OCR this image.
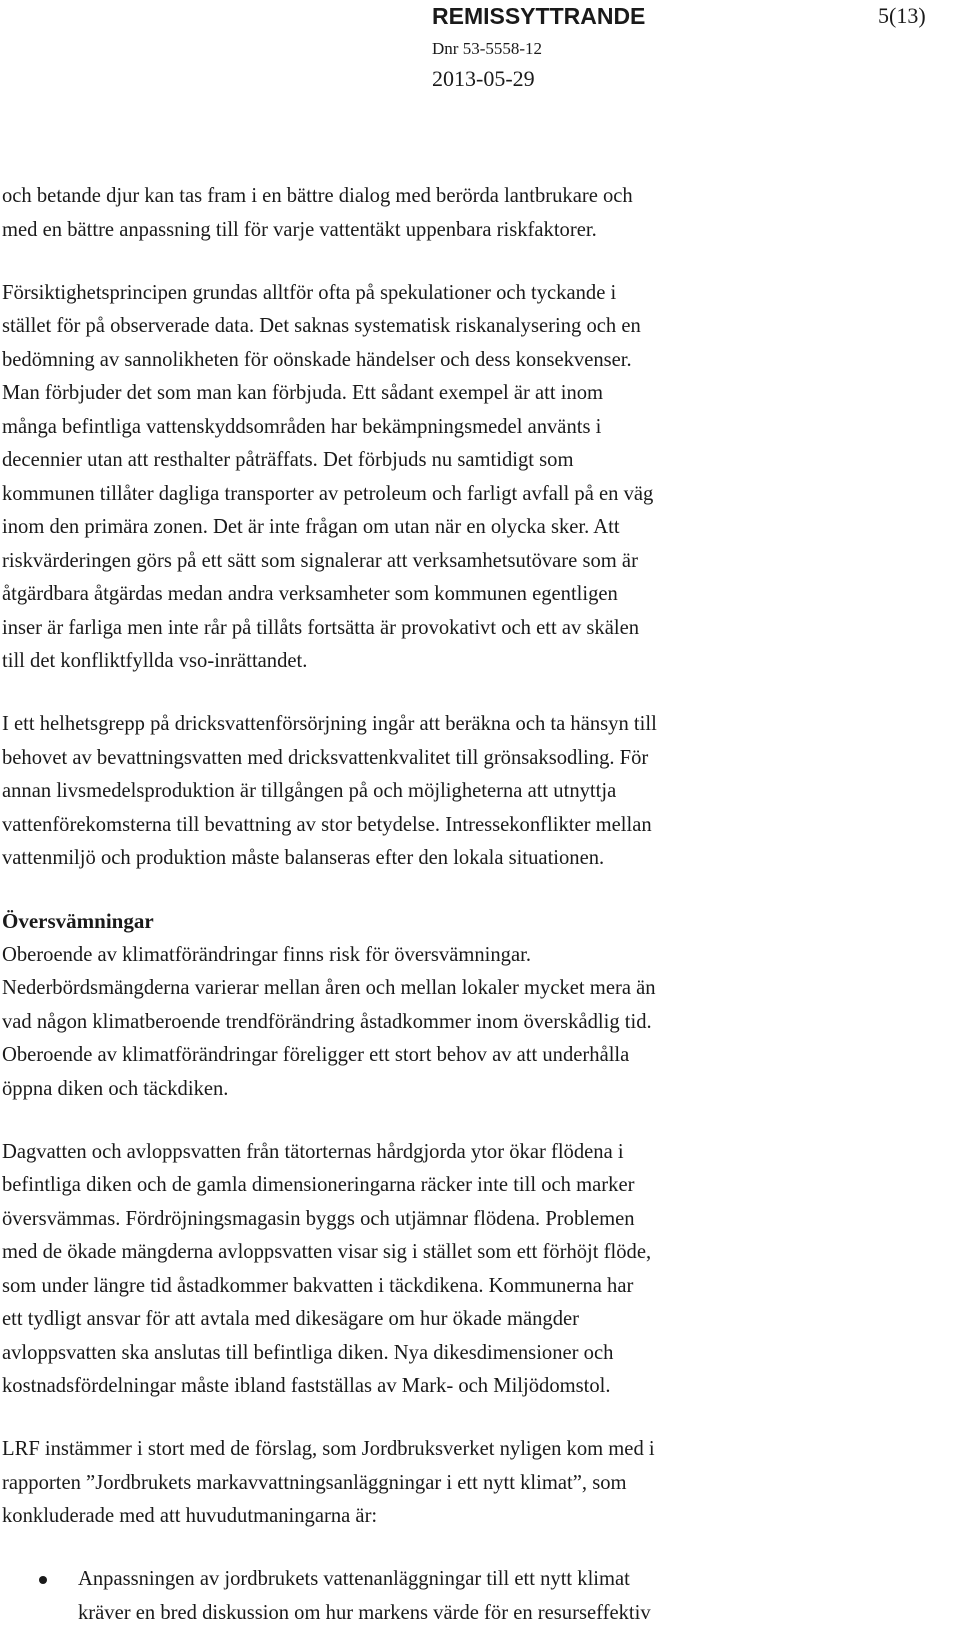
REMISSYTTRANDE	5(13)
Dnr 53-5558-12
2013-05-29

och betande djur kan tas fram i en bättre dialog med berörda lantbrukare och
med en bättre anpassning till för varje vattentäkt uppenbara riskfaktorer.

Försiktighetsprincipen grundas alltför ofta på spekulationer och tyckande i
stället för på observerade data. Det saknas systematisk riskanalysering och en
bedömning av sannolikheten för oönskade händelser och dess konsekvenser.
Man förbjuder det som man kan förbjuda. Ett sådant exempel är att inom
många befintliga vattenskyddsområden har bekämpningsmedel använts i
decennier utan att resthalter påträffats. Det förbjuds nu samtidigt som
kommunen tillåter dagliga transporter av petroleum och farligt avfall på en väg
inom den primära zonen. Det är inte frågan om utan när en olycka sker. Att
riskvärderingen görs på ett sätt som signalerar att verksamhetsutövare som är
åtgärdbara åtgärdas medan andra verksamheter som kommunen egentligen
inser är farliga men inte rår på tillåts fortsätta är provokativt och ett av skälen
till det konfliktfyllda vso-inrättandet.

I ett helhetsgrepp på dricksvattenförsörjning ingår att beräkna och ta hänsyn till
behovet av bevattningsvatten med dricksvattenkvalitet till grönsaksodling. För
annan livsmedelsproduktion är tillgången på och möjligheterna att utnyttja
vattenförekomsterna till bevattning av stor betydelse. Intressekonflikter mellan
vattenmiljö och produktion måste balanseras efter den lokala situationen.

Översvämningar

Oberoende av klimatförändringar finns risk för översvämningar.
Nederbördsmängderna varierar mellan åren och mellan lokaler mycket mera än
vad någon klimatberoende trendförändring åstadkommer inom överskådlig tid.
Oberoende av klimatförändringar föreligger ett stort behov av att underhålla
öppna diken och täckdiken.

Dagvatten och avloppsvatten från tätorternas hårdgjorda ytor ökar flödena i
befintliga diken och de gamla dimensioneringarna räcker inte till och marker
översvämmas. Fördröjningsmagasin byggs och utjämnar flödena. Problemen
med de ökade mängderna avloppsvatten visar sig i stället som ett förhöjt flöde,
som under längre tid åstadkommer bakvatten i täckdikena. Kommunerna har
ett tydligt ansvar för att avtala med dikesägare om hur ökade mängder
avloppsvatten ska anslutas till befintliga diken. Nya dikesdimensioner och
kostnadsfördelningar måste ibland fastställas av Mark- och Miljödomstol.

LRF instämmer i stort med de förslag, som Jordbruksverket nyligen kom med i
rapporten ”Jordbrukets markavvattningsanläggningar i ett nytt klimat”, som
konkluderade med att huvudutmaningarna är:

Anpassningen av jordbrukets vattenanläggningar till ett nytt klimat
kräver en bred diskussion om hur markens värde för en resurseffektiv
